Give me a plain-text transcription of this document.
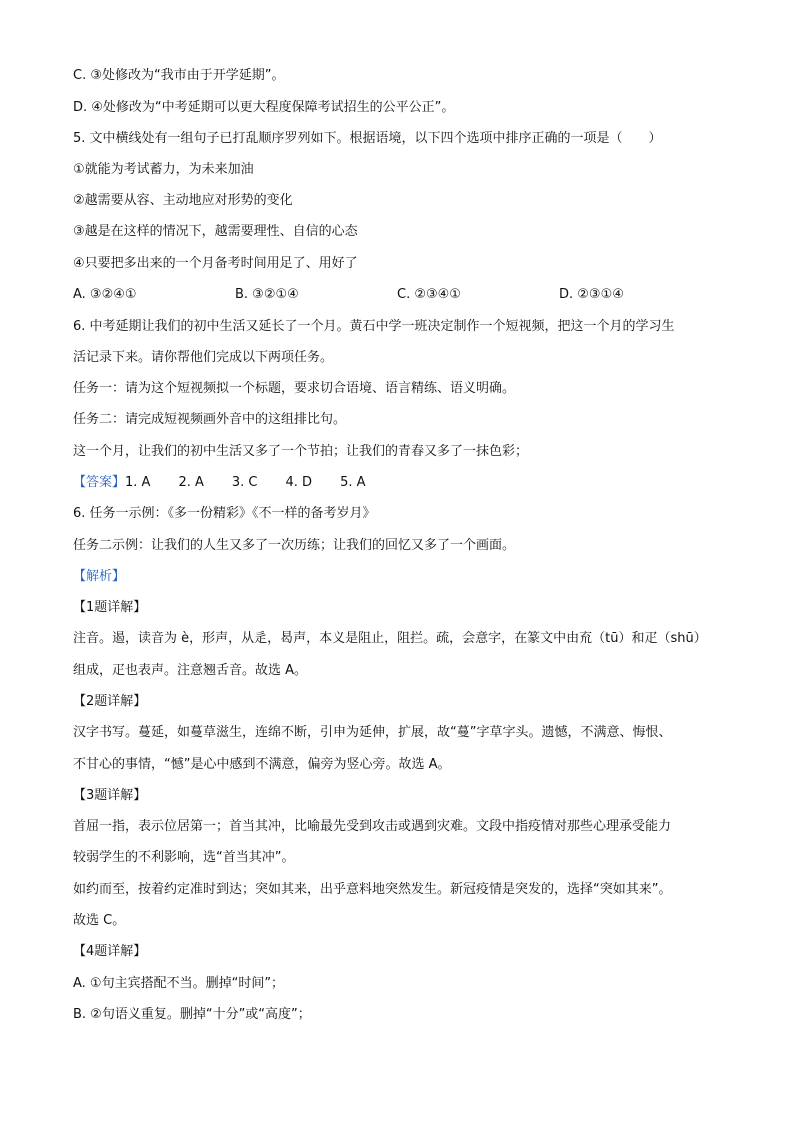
C. ③处修改为“我市由于开学延期”。
D. ④处修改为“中考延期可以更大程度保障考试招生的公平公正”。
5. 文中横线处有一组句子已打乱顺序罗列如下。根据语境，以下四个选项中排序正确的一项是（　　）
①就能为考试蓄力，为未来加油
②越需要从容、主动地应对形势的变化
③越是在这样的情况下，越需要理性、自信的心态
④只要把多出来的一个月备考时间用足了、用好了
A. ③②④①	B. ③②①④	C. ②③④①	D. ②③①④
6. 中考延期让我们的初中生活又延长了一个月。黄石中学一班决定制作一个短视频，把这一个月的学习生
活记录下来。请你帮他们完成以下两项任务。
任务一：请为这个短视频拟一个标题，要求切合语境、语言精练、语义明确。
任务二：请完成短视频画外音中的这组排比句。
这一个月，让我们的初中生活又多了一个节拍；让我们的青春又多了一抹色彩；
【答案】1. A 2. A 3. C 4. D 5. A
6. 任务一示例：《多一份精彩》《不一样的备考岁月》
任务二示例：让我们的人生又多了一次历练；让我们的回忆又多了一个画面。
【解析】
【1题详解】
注音。遏，读音为 è，形声，从辵，曷声，本义是阻止，阻拦。疏，会意字，在篆文中由㐬（tū）和疋（shū）
组成，疋也表声。注意翘舌音。故选 A。
【2题详解】
汉字书写。蔓延，如蔓草滋生，连绵不断，引申为延伸，扩展，故“蔓”字草字头。遗憾，不满意、悔恨、
不甘心的事情，“憾”是心中感到不满意，偏旁为竖心旁。故选 A。
【3题详解】
首屈一指，表示位居第一；首当其冲，比喻最先受到攻击或遇到灾难。文段中指疫情对那些心理承受能力
较弱学生的不利影响，选“首当其冲”。
如约而至，按着约定准时到达；突如其来，出乎意料地突然发生。新冠疫情是突发的，选择“突如其来”。
故选 C。
【4题详解】
A. ①句主宾搭配不当。删掉“时间”；
B. ②句语义重复。删掉“十分”或“高度”；
